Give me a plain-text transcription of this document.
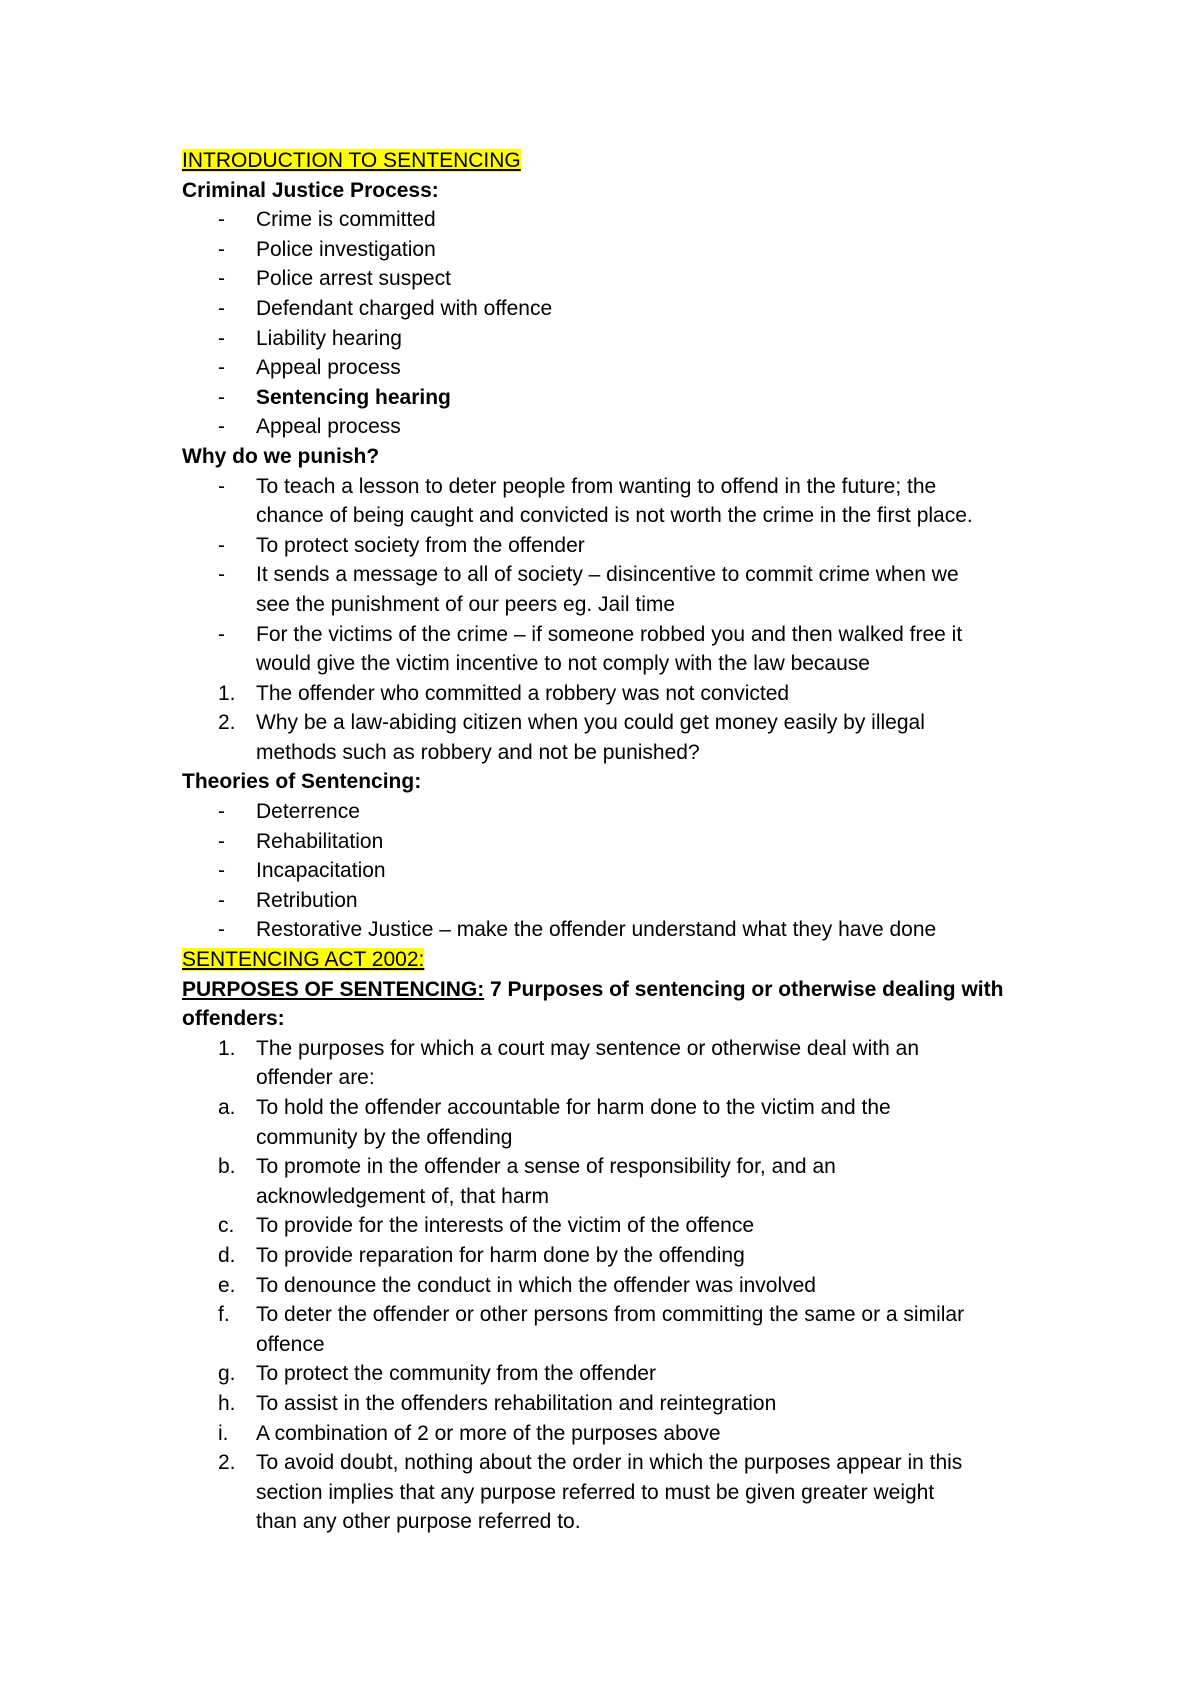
INTRODUCTION TO SENTENCING
Criminal Justice Process:
-	Crime is committed
-	Police investigation
-	Police arrest suspect
-	Defendant charged with offence
-	Liability hearing
-	Appeal process
-	Sentencing hearing
-	Appeal process
Why do we punish?
-	To teach a lesson to deter people from wanting to offend in the future; the
chance of being caught and convicted is not worth the crime in the first place.
-	To protect society from the offender
-	It sends a message to all of society – disincentive to commit crime when we
see the punishment of our peers eg. Jail time
-	For the victims of the crime – if someone robbed you and then walked free it
would give the victim incentive to not comply with the law because
1. The offender who committed a robbery was not convicted
2. Why be a law-abiding citizen when you could get money easily by illegal
methods such as robbery and not be punished?
Theories of Sentencing:
-	Deterrence
-	Rehabilitation
-	Incapacitation
-	Retribution
-	Restorative Justice – make the offender understand what they have done
SENTENCING ACT 2002:
PURPOSES OF SENTENCING: 7 Purposes of sentencing or otherwise dealing with
offenders:
1. The purposes for which a court may sentence or otherwise deal with an
offender are:
a. To hold the offender accountable for harm done to the victim and the
community by the offending
b. To promote in the offender a sense of responsibility for, and an
acknowledgement of, that harm
c.	To provide for the interests of the victim of the offence
d. To provide reparation for harm done by the offending
e. To denounce the conduct in which the offender was involved
f.	To deter the offender or other persons from committing the same or a similar
offence
g. To protect the community from the offender
h. To assist in the offenders rehabilitation and reintegration
i.	A combination of 2 or more of the purposes above
2. To avoid doubt, nothing about the order in which the purposes appear in this
section implies that any purpose referred to must be given greater weight
than any other purpose referred to.
